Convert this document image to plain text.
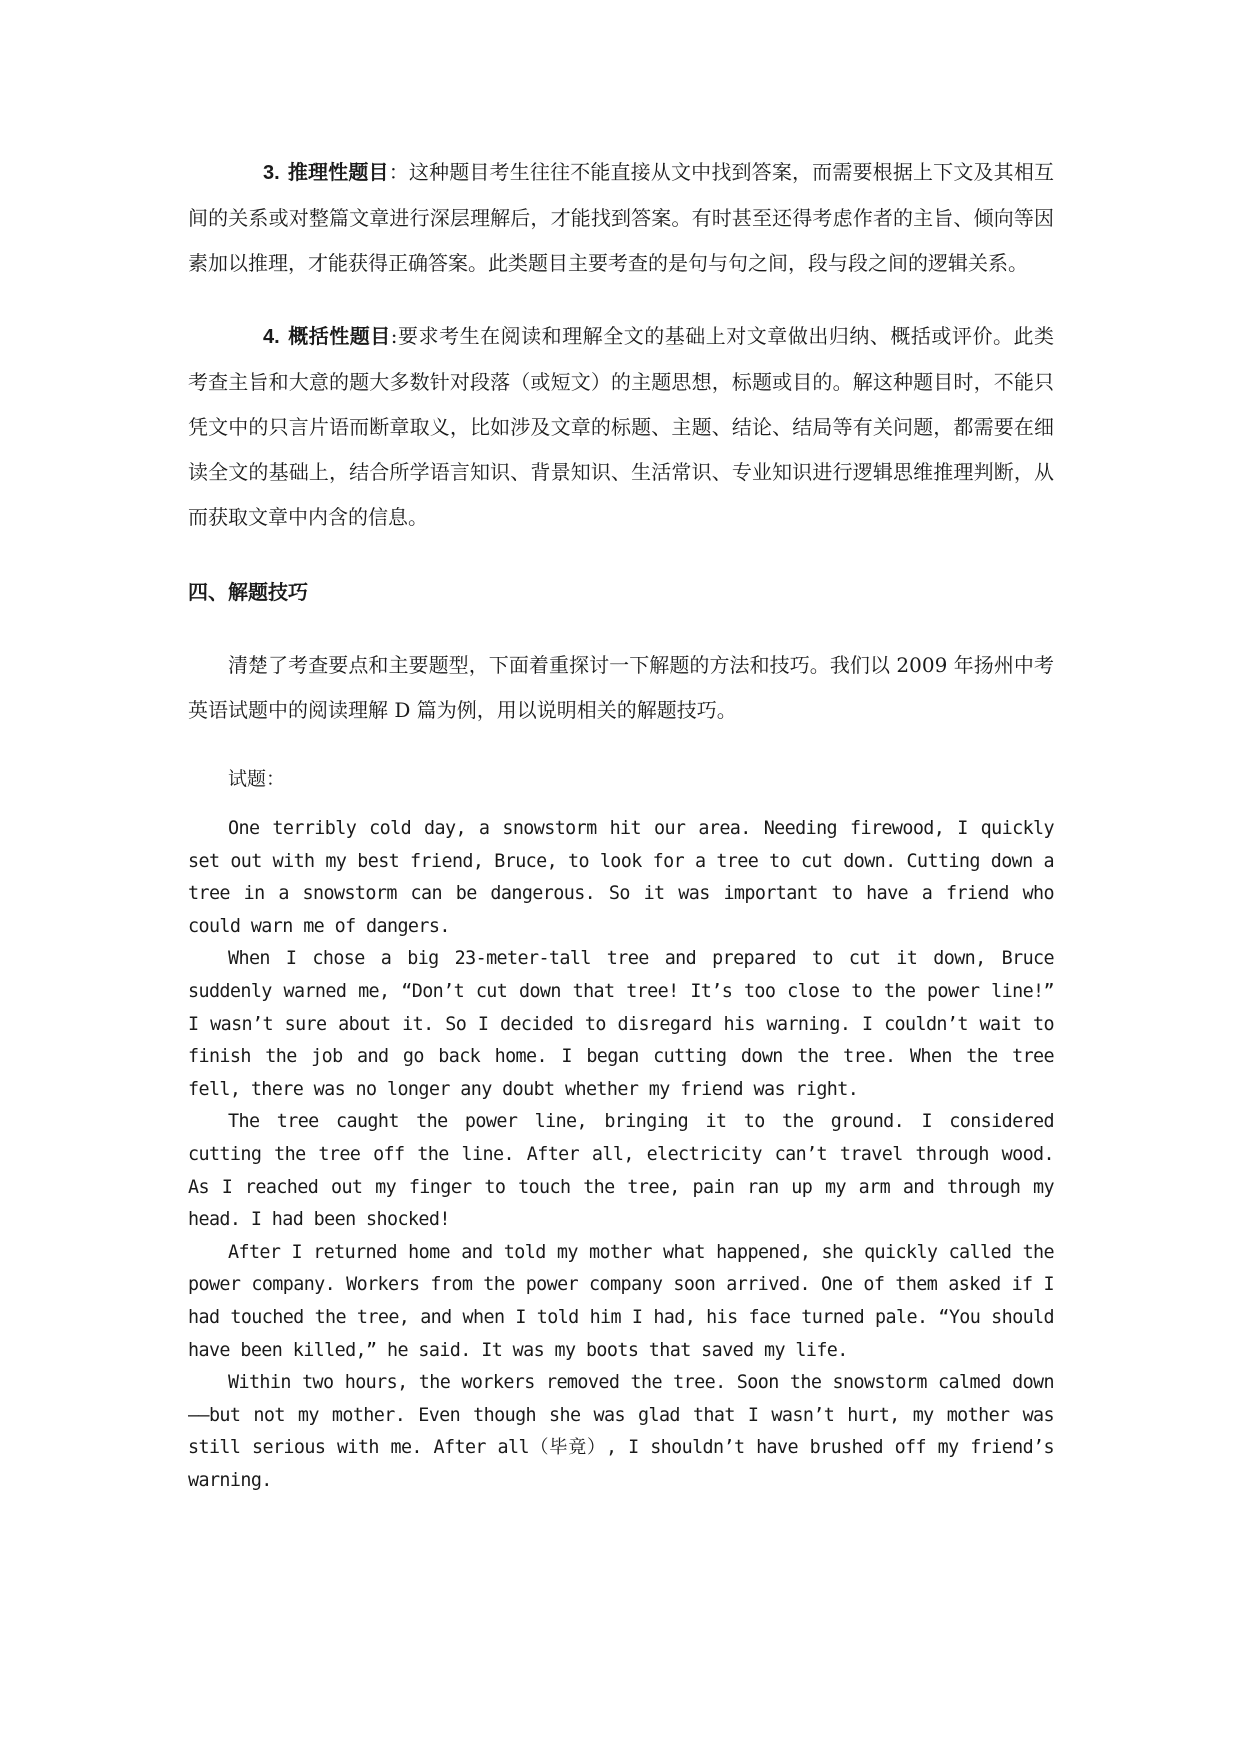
3. 推理性题目：这种题目考生往往不能直接从文中找到答案，而需要根据上下文及其相互间的关系或对整篇文章进行深层理解后，才能找到答案。有时甚至还得考虑作者的主旨、倾向等因素加以推理，才能获得正确答案。此类题目主要考查的是句与句之间，段与段之间的逻辑关系。

4. 概括性题目:要求考生在阅读和理解全文的基础上对文章做出归纳、概括或评价。此类考查主旨和大意的题大多数针对段落（或短文）的主题思想，标题或目的。解这种题目时，不能只凭文中的只言片语而断章取义，比如涉及文章的标题、主题、结论、结局等有关问题，都需要在细读全文的基础上，结合所学语言知识、背景知识、生活常识、专业知识进行逻辑思维推理判断，从而获取文章中内含的信息。

四、解题技巧

清楚了考查要点和主要题型，下面着重探讨一下解题的方法和技巧。我们以 2009 年扬州中考英语试题中的阅读理解 D 篇为例，用以说明相关的解题技巧。

试题：

One terribly cold day, a snowstorm hit our area. Needing firewood, I quickly set out with my best friend, Bruce, to look for a tree to cut down. Cutting down a tree in a snowstorm can be dangerous. So it was important to have a friend who could warn me of dangers.

When I chose a big 23-meter-tall tree and prepared to cut it down, Bruce suddenly warned me, “Don’t cut down that tree! It’s too close to the power line!” I wasn’t sure about it. So I decided to disregard his warning. I couldn’t wait to finish the job and go back home. I began cutting down the tree. When the tree fell, there was no longer any doubt whether my friend was right.

The tree caught the power line, bringing it to the ground. I considered cutting the tree off the line. After all, electricity can’t travel through wood. As I reached out my finger to touch the tree, pain ran up my arm and through my head. I had been shocked!

After I returned home and told my mother what happened, she quickly called the power company. Workers from the power company soon arrived. One of them asked if I had touched the tree, and when I told him I had, his face turned pale. “You should have been killed,” he said. It was my boots that saved my life.

Within two hours, the workers removed the tree. Soon the snowstorm calmed down——but not my mother. Even though she was glad that I wasn’t hurt, my mother was still serious with me. After all（毕竟）, I shouldn’t have brushed off my friend’s warning.
